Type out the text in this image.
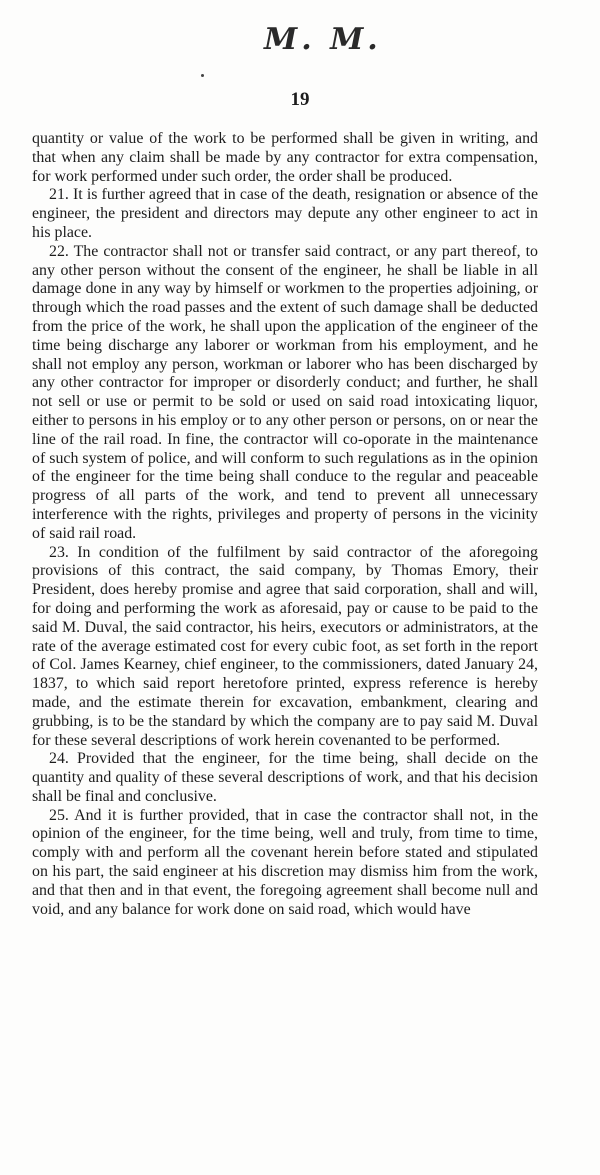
M. M.
19

quantity or value of the work to be performed shall be given in writing, and that when any claim shall be made by any contractor for extra compensation, for work performed under such order, the order shall be produced.

21. It is further agreed that in case of the death, resignation or absence of the engineer, the president and directors may depute any other engineer to act in his place.

22. The contractor shall not or transfer said contract, or any part thereof, to any other person without the consent of the engineer, he shall be liable in all damage done in any way by himself or workmen to the properties adjoining, or through which the road passes and the extent of such damage shall be deducted from the price of the work, he shall upon the application of the engineer of the time being discharge any laborer or workman from his employment, and he shall not employ any person, workman or laborer who has been discharged by any other contractor for improper or disorderly conduct; and further, he shall not sell or use or permit to be sold or used on said road intoxicating liquor, either to persons in his employ or to any other person or persons, on or near the line of the rail road. In fine, the contractor will co-oporate in the maintenance of such system of police, and will conform to such regulations as in the opinion of the engineer for the time being shall conduce to the regular and peaceable progress of all parts of the work, and tend to prevent all unnecessary interference with the rights, privileges and property of persons in the vicinity of said rail road.

23. In condition of the fulfilment by said contractor of the aforegoing provisions of this contract, the said company, by Thomas Emory, their President, does hereby promise and agree that said corporation, shall and will, for doing and performing the work as aforesaid, pay or cause to be paid to the said M. Duval, the said contractor, his heirs, executors or administrators, at the rate of the average estimated cost for every cubic foot, as set forth in the report of Col. James Kearney, chief engineer, to the commissioners, dated January 24, 1837, to which said report heretofore printed, express reference is hereby made, and the estimate therein for excavation, embankment, clearing and grubbing, is to be the standard by which the company are to pay said M. Duval for these several descriptions of work herein covenanted to be performed.

24. Provided that the engineer, for the time being, shall decide on the quantity and quality of these several descriptions of work, and that his decision shall be final and conclusive.

25. And it is further provided, that in case the contractor shall not, in the opinion of the engineer, for the time being, well and truly, from time to time, comply with and perform all the covenant herein before stated and stipulated on his part, the said engineer at his discretion may dismiss him from the work, and that then and in that event, the foregoing agreement shall become null and void, and any balance for work done on said road, which would have
